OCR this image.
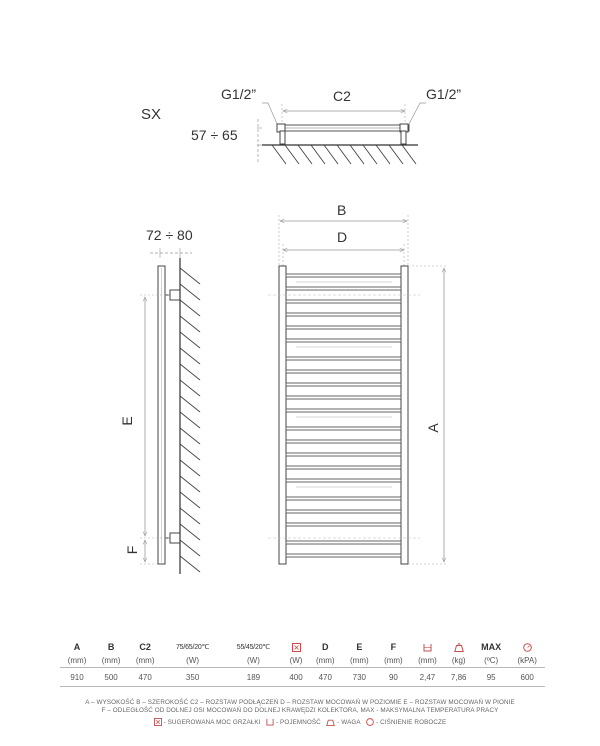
SX
G1/2”	G1/2”
C2
57 ÷ 65
72 ÷ 80
E
F
B
D
A
A	B	C2	75/65/20℃	55/45/20℃		D	E	F			MAX	
(mm)	(mm)	(mm)	(W)	(W)	(W)	(mm)	(mm)	(mm)	(mm)	(kg)	(ºC)	(kPA)
910	500	470	350	189	400	470	730	90	2,47	7,86	95	600
A – WYSOKOŚĆ B – SZEROKOŚĆ C2 – ROZSTAW PODŁĄCZEŃ D – ROZSTAW MOCOWAŃ W POZIOMIE E – ROZSTAW MOCOWAŃ W PIONIE
F – ODLEGŁOŚĆ OD DOLNEJ OSI MOCOWAŃ DO DOLNEJ KRAWĘDZI KOLEKTORA, MAX - MAKSYMALNA TEMPERATURA PRACY
- SUGEROWANA MOC GRZAŁKI - POJEMNOŚĆ	- WAGA - CIŚNIENIE ROBOCZE
